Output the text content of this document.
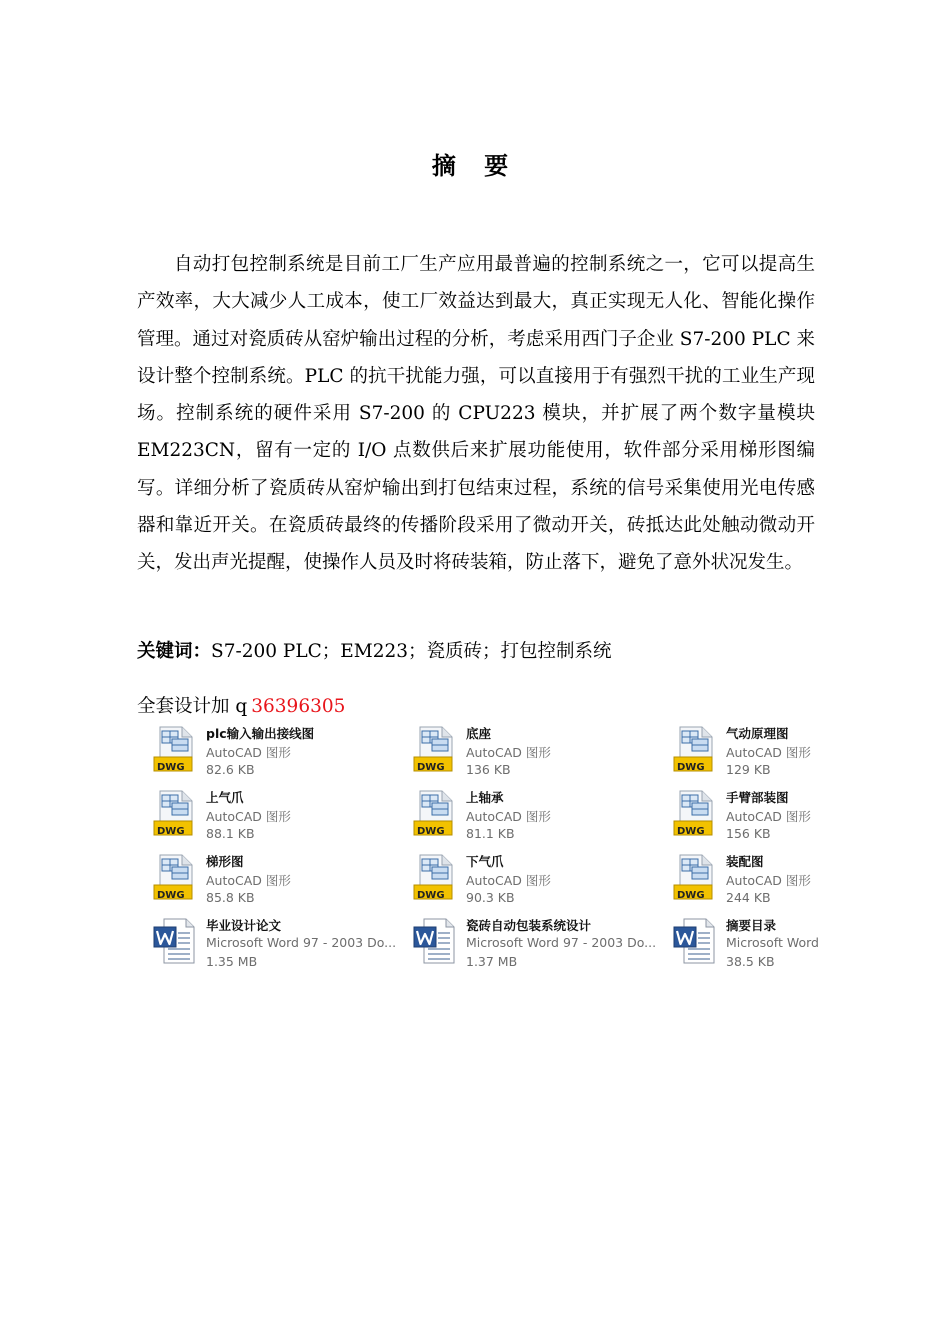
摘 要

自动打包控制系统是目前工厂生产应用最普遍的控制系统之一，它可以提高生产效率，大大减少人工成本，使工厂效益达到最大，真正实现无人化、智能化操作管理。通过对瓷质砖从窑炉输出过程的分析，考虑采用西门子企业 S7-200 PLC 来设计整个控制系统。PLC 的抗干扰能力强，可以直接用于有强烈干扰的工业生产现场。控制系统的硬件采用 S7-200 的 CPU223 模块，并扩展了两个数字量模块 EM223CN，留有一定的 I/O 点数供后来扩展功能使用，软件部分采用梯形图编写。详细分析了瓷质砖从窑炉输出到打包结束过程，系统的信号采集使用光电传感器和靠近开关。在瓷质砖最终的传播阶段采用了微动开关，砖抵达此处触动微动开关，发出声光提醒，使操作人员及时将砖装箱，防止落下，避免了意外状况发生。

关键词：S7-200 PLC；EM223；瓷质砖；打包控制系统
全套设计加 q 36396305
DWG
plc输入输出接线图
AutoCAD 图形
82.6 KB	DWG
底座
AutoCAD 图形
136 KB	DWG
气动原理图
AutoCAD 图形
129 KB
DWG
上气爪
AutoCAD 图形
88.1 KB	DWG
上轴承
AutoCAD 图形
81.1 KB	DWG
手臂部装图
AutoCAD 图形
156 KB
DWG
梯形图
AutoCAD 图形
85.8 KB	DWG
下气爪
AutoCAD 图形
90.3 KB	DWG
装配图
AutoCAD 图形
244 KB
毕业设计论文
Microsoft Word 97 - 2003 Do...
1.35 MB
瓷砖自动包装系统设计
Microsoft Word 97 - 2003 Do...
1.37 MB
摘要目录
Microsoft Word
38.5 KB
